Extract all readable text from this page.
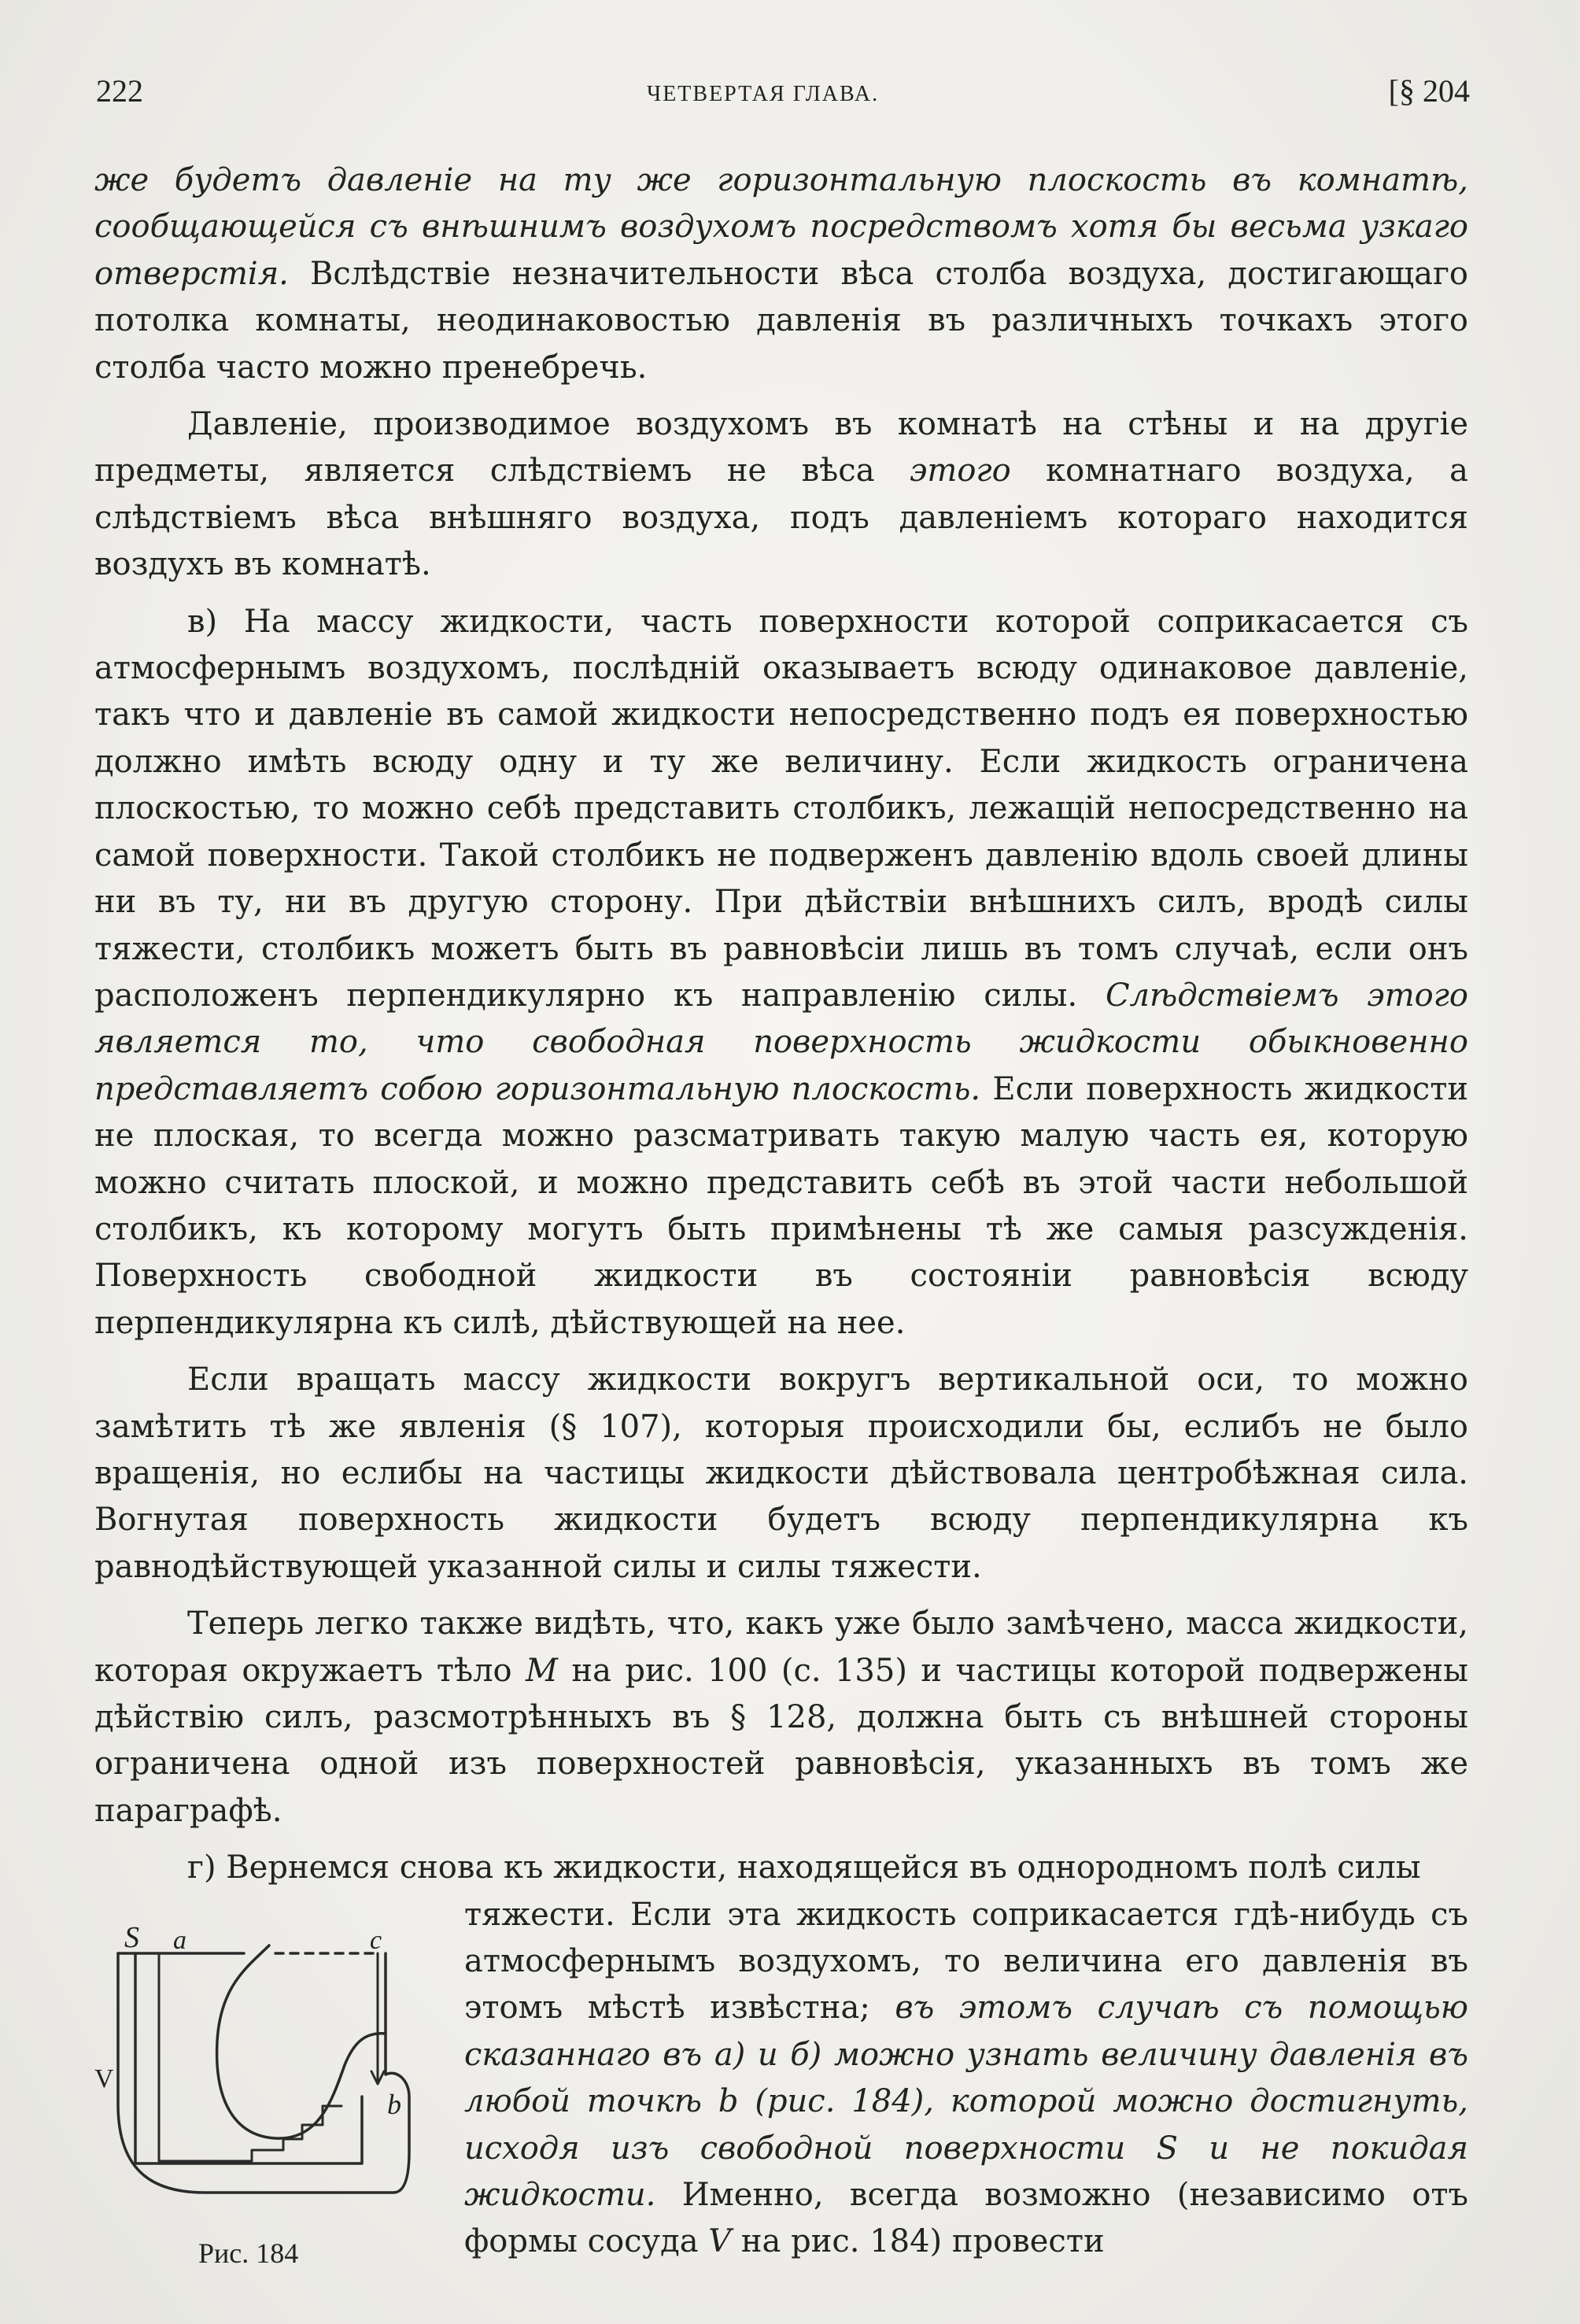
222	ЧЕТВЕРТАЯ ГЛАВА.	[§ 204

же будетъ давленіе на ту же горизонтальную плоскость въ комнатѣ, сообщающейся съ внѣшнимъ воздухомъ посредствомъ хотя бы весьма узкаго отверстія. Вслѣдствіе незначительности вѣса столба воздуха, достигающаго потолка комнаты, неодинаковостью давленія въ различныхъ точкахъ этого столба часто можно пренебречь.

Давленіе, производимое воздухомъ въ комнатѣ на стѣны и на другіе предметы, является слѣдствіемъ не вѣса этого комнатнаго воздуха, а слѣдствіемъ вѣса внѣшняго воздуха, подъ давленіемъ котораго находится воздухъ въ комнатѣ.

в) На массу жидкости, часть поверхности которой соприкасается съ атмосфернымъ воздухомъ, послѣдній оказываетъ всюду одинаковое давленіе, такъ что и давленіе въ самой жидкости непосредственно подъ ея поверхностью должно имѣть всюду одну и ту же величину. Если жидкость ограничена плоскостью, то можно себѣ представить столбикъ, лежащій непосредственно на самой поверхности. Такой столбикъ не подверженъ давленію вдоль своей длины ни въ ту, ни въ другую сторону. При дѣйствіи внѣшнихъ силъ, вродѣ силы тяжести, столбикъ можетъ быть въ равновѣсіи лишь въ томъ случаѣ, если онъ расположенъ перпендикулярно къ направленію силы. Слѣдствіемъ этого является то, что свободная поверхность жидкости обыкновенно представляетъ собою горизонтальную плоскость. Если поверхность жидкости не плоская, то всегда можно разсматривать такую малую часть ея, которую можно считать плоской, и можно представить себѣ въ этой части небольшой столбикъ, къ которому могутъ быть примѣнены тѣ же самыя разсужденія. Поверхность свободной жидкости въ состояніи равновѣсія всюду перпендикулярна къ силѣ, дѣйствующей на нее.

Если вращать массу жидкости вокругъ вертикальной оси, то можно замѣтить тѣ же явленія (§ 107), которыя происходили бы, еслибъ не было вращенія, но еслибы на частицы жидкости дѣйствовала центробѣжная сила. Вогнутая поверхность жидкости будетъ всюду перпендикулярна къ равнодѣйствующей указанной силы и силы тяжести.

Теперь легко также видѣть, что, какъ уже было замѣчено, масса жидкости, которая окружаетъ тѣло M на рис. 100 (с. 135) и частицы которой подвержены дѣйствію силъ, разсмотрѣнныхъ въ § 128, должна быть съ внѣшней стороны ограничена одной изъ поверхностей равновѣсія, указанныхъ въ томъ же параграфѣ.

г) Вернемся снова къ жидкости, находящейся въ однородномъ полѣ силы

S a	c
V
b
Рис. 184

тяжести. Если эта жидкость соприкасается гдѣ-нибудь съ атмосфернымъ воздухомъ, то величина его давленія въ этомъ мѣстѣ извѣстна; въ этомъ случаѣ съ помощью сказаннаго въ а) и б) можно узнать величину давленія въ любой точкѣ b (рис. 184), которой можно достигнуть, исходя изъ свободной поверхности S и не покидая жидкости. Именно, всегда возможно (независимо отъ формы сосуда V на рис. 184) провести
